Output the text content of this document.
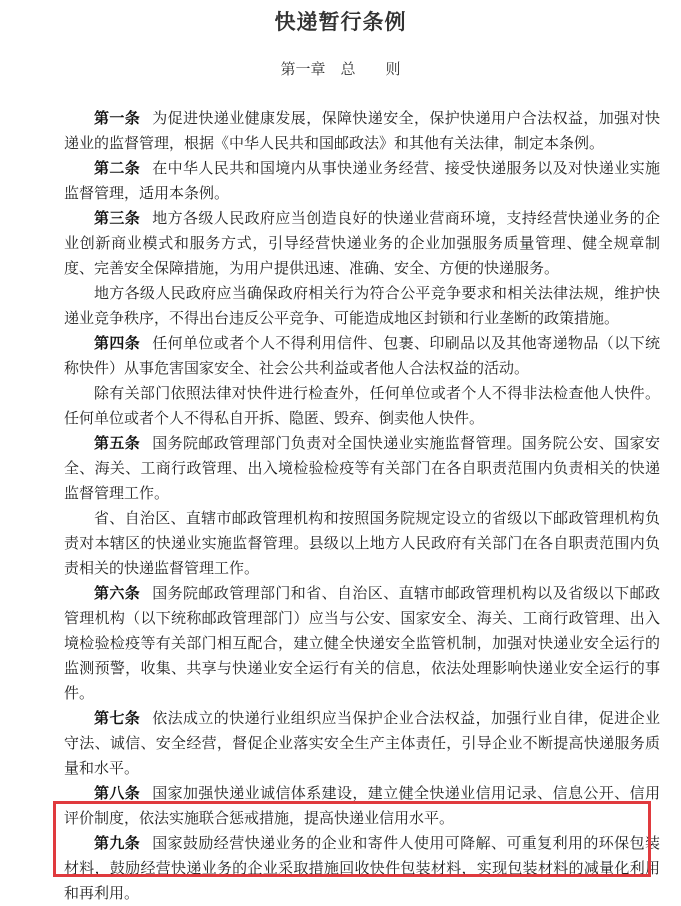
快递暂行条例
第一章　总　　则

第一条 为促进快递业健康发展，保障快递安全，保护快递用户合法权益，加强对快递业的监督管理，根据《中华人民共和国邮政法》和其他有关法律，制定本条例。

第二条 在中华人民共和国境内从事快递业务经营、接受快递服务以及对快递业实施监督管理，适用本条例。

第三条 地方各级人民政府应当创造良好的快递业营商环境，支持经营快递业务的企业创新商业模式和服务方式，引导经营快递业务的企业加强服务质量管理、健全规章制度、完善安全保障措施，为用户提供迅速、准确、安全、方便的快递服务。

地方各级人民政府应当确保政府相关行为符合公平竞争要求和相关法律法规，维护快递业竞争秩序，不得出台违反公平竞争、可能造成地区封锁和行业垄断的政策措施。

第四条 任何单位或者个人不得利用信件、包裹、印刷品以及其他寄递物品（以下统称快件）从事危害国家安全、社会公共利益或者他人合法权益的活动。

除有关部门依照法律对快件进行检查外，任何单位或者个人不得非法检查他人快件。任何单位或者个人不得私自开拆、隐匿、毁弃、倒卖他人快件。

第五条 国务院邮政管理部门负责对全国快递业实施监督管理。国务院公安、国家安全、海关、工商行政管理、出入境检验检疫等有关部门在各自职责范围内负责相关的快递监督管理工作。

省、自治区、直辖市邮政管理机构和按照国务院规定设立的省级以下邮政管理机构负责对本辖区的快递业实施监督管理。县级以上地方人民政府有关部门在各自职责范围内负责相关的快递监督管理工作。

第六条 国务院邮政管理部门和省、自治区、直辖市邮政管理机构以及省级以下邮政管理机构（以下统称邮政管理部门）应当与公安、国家安全、海关、工商行政管理、出入境检验检疫等有关部门相互配合，建立健全快递安全监管机制，加强对快递业安全运行的监测预警，收集、共享与快递业安全运行有关的信息，依法处理影响快递业安全运行的事件。

第七条 依法成立的快递行业组织应当保护企业合法权益，加强行业自律，促进企业守法、诚信、安全经营，督促企业落实安全生产主体责任，引导企业不断提高快递服务质量和水平。

第八条 国家加强快递业诚信体系建设，建立健全快递业信用记录、信息公开、信用评价制度，依法实施联合惩戒措施，提高快递业信用水平。

第九条 国家鼓励经营快递业务的企业和寄件人使用可降解、可重复利用的环保包装材料，鼓励经营快递业务的企业采取措施回收快件包装材料，实现包装材料的减量化利用和再利用。
